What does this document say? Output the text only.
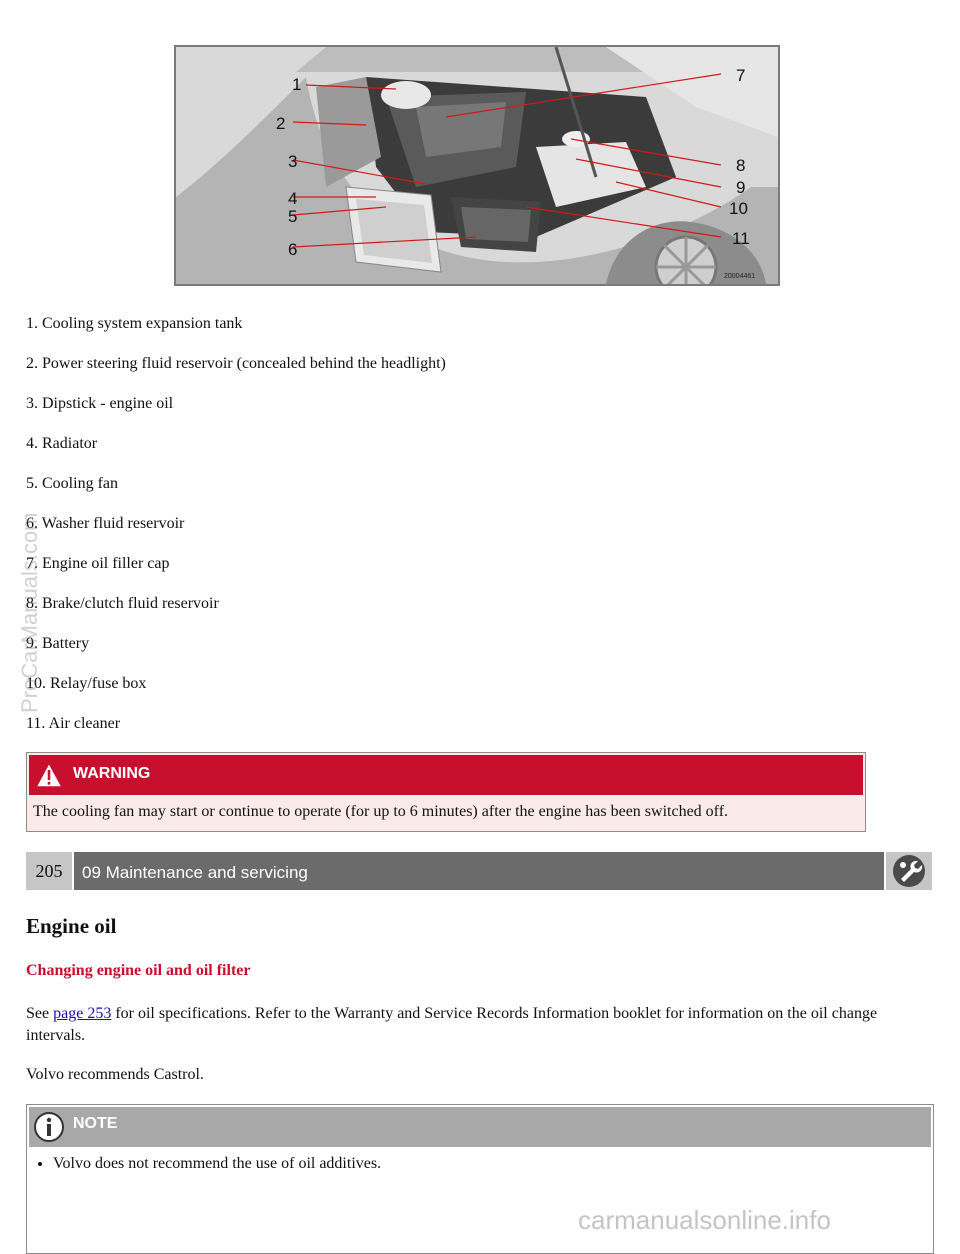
1
2
3
4
5
6
7
8
9
10
11
20004461
1. Cooling system expansion tank
2. Power steering fluid reservoir (concealed behind the headlight)
3. Dipstick - engine oil
4. Radiator
5. Cooling fan
6. Washer fluid reservoir
7. Engine oil filler cap
8. Brake/clutch fluid reservoir
9. Battery
10. Relay/fuse box
11. Air cleaner
WARNING
The cooling fan may start or continue to operate (for up to 6 minutes) after the engine has been switched off.
205	09 Maintenance and servicing
Engine oil
Changing engine oil and oil filter

See page 253 for oil specifications. Refer to the Warranty and Service Records Information booklet for information on the oil change intervals.

Volvo recommends Castrol.

NOTE
• Volvo does not recommend the use of oil additives.
ProCarManuals.com
carmanualsonline.info
